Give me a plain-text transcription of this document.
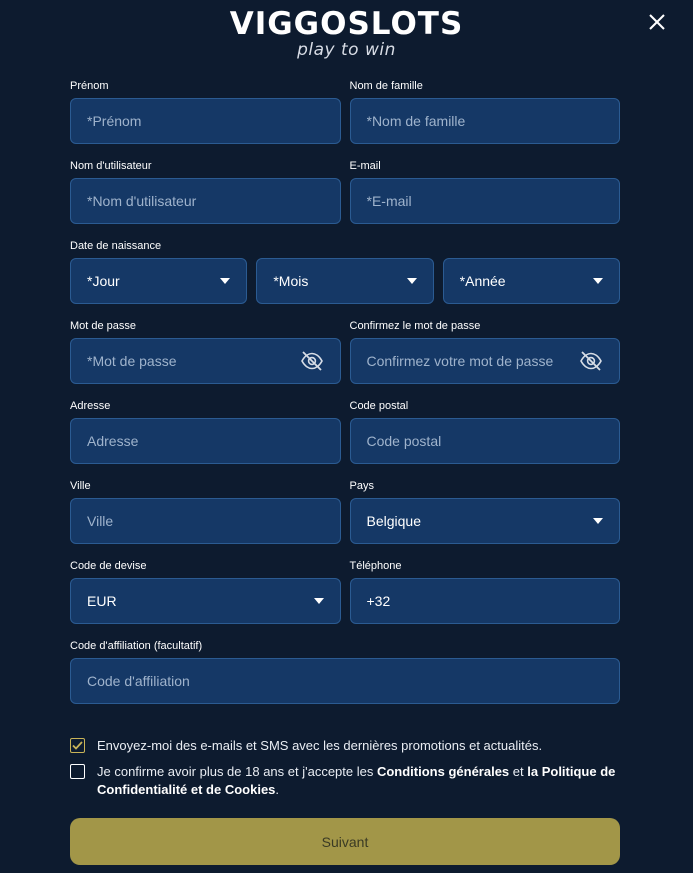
VIGGOSLOTS
play to win
Prénom
*Prénom
Nom de famille
*Nom de famille
Nom d'utilisateur
*Nom d'utilisateur
E-mail
*E-mail
Date de naissance
*Jour	*Mois	*Année
Mot de passe
*Mot de passe
Confirmez le mot de passe
Confirmez votre mot de passe
Adresse
Adresse
Code postal
Code postal
Ville
Ville
Pays
Belgique
Code de devise
EUR
Téléphone
+32
Code d'affiliation (facultatif)
Code d'affiliation
Envoyez-moi des e-mails et SMS avec les dernières promotions et actualités.
Je confirme avoir plus de 18 ans et j'accepte les Conditions générales et la Politique de Confidentialité et de Cookies.
Suivant
